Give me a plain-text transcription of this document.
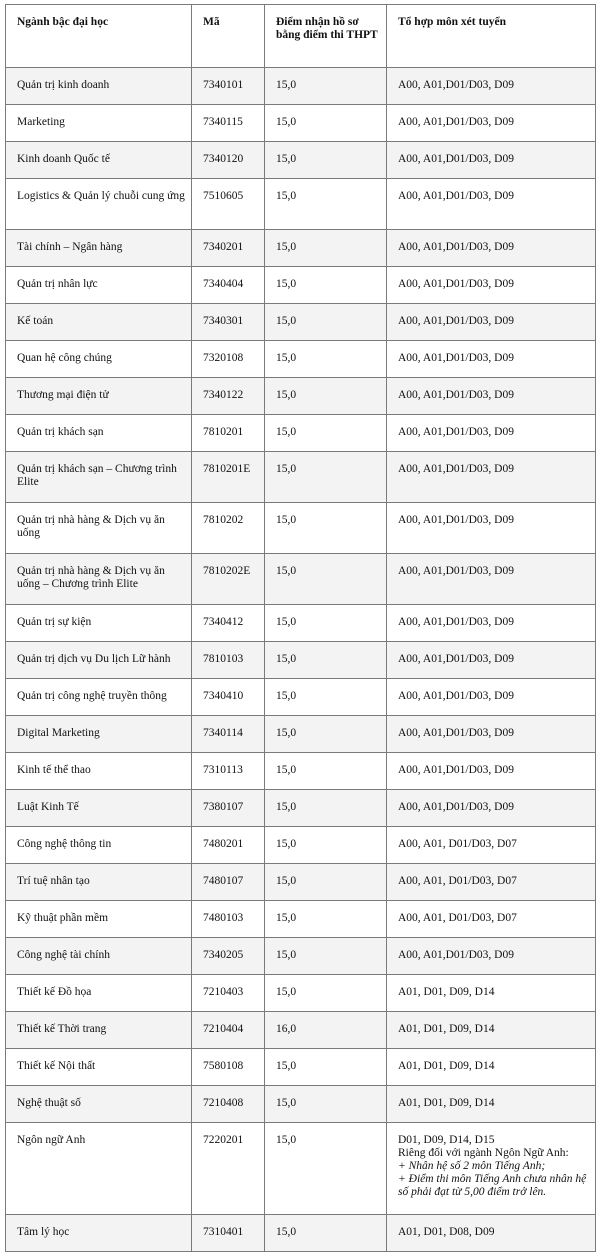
Ngành bậc đại học	Mã	Điểm nhận hồ sơ bằng điểm thi THPT	Tổ hợp môn xét tuyển
Quản trị kinh doanh	7340101	15,0	A00, A01,D01/D03, D09
Marketing	7340115	15,0	A00, A01,D01/D03, D09
Kinh doanh Quốc tế	7340120	15,0	A00, A01,D01/D03, D09
Logistics & Quản lý chuỗi cung ứng	7510605	15,0	A00, A01,D01/D03, D09
Tài chính – Ngân hàng	7340201	15,0	A00, A01,D01/D03, D09
Quản trị nhân lực	7340404	15,0	A00, A01,D01/D03, D09
Kế toán	7340301	15,0	A00, A01,D01/D03, D09
Quan hệ công chúng	7320108	15,0	A00, A01,D01/D03, D09
Thương mại điện tử	7340122	15,0	A00, A01,D01/D03, D09
Quản trị khách sạn	7810201	15,0	A00, A01,D01/D03, D09
Quản trị khách sạn – Chương trình Elite	7810201E	15,0	A00, A01,D01/D03, D09
Quản trị nhà hàng & Dịch vụ ăn uống	7810202	15,0	A00, A01,D01/D03, D09
Quản trị nhà hàng & Dịch vụ ăn uống – Chương trình Elite	7810202E	15,0	A00, A01,D01/D03, D09
Quản trị sự kiện	7340412	15,0	A00, A01,D01/D03, D09
Quản trị dịch vụ Du lịch Lữ hành	7810103	15,0	A00, A01,D01/D03, D09
Quản trị công nghệ truyền thông	7340410	15,0	A00, A01,D01/D03, D09
Digital Marketing	7340114	15,0	A00, A01,D01/D03, D09
Kinh tế thể thao	7310113	15,0	A00, A01,D01/D03, D09
Luật Kinh Tế	7380107	15,0	A00, A01,D01/D03, D09
Công nghệ thông tin	7480201	15,0	A00, A01, D01/D03, D07
Trí tuệ nhân tạo	7480107	15,0	A00, A01, D01/D03, D07
Kỹ thuật phần mềm	7480103	15,0	A00, A01, D01/D03, D07
Công nghệ tài chính	7340205	15,0	A00, A01,D01/D03, D09
Thiết kế Đồ họa	7210403	15,0	A01, D01, D09, D14
Thiết kế Thời trang	7210404	16,0	A01, D01, D09, D14
Thiết kế Nội thất	7580108	15,0	A01, D01, D09, D14
Nghệ thuật số	7210408	15,0	A01, D01, D09, D14
Ngôn ngữ Anh	7220201	15,0	D01, D09, D14, D15
Riêng đối với ngành Ngôn Ngữ Anh:
+ Nhân hệ số 2 môn Tiếng Anh;
+ Điểm thi môn Tiếng Anh chưa nhân hệ số phải đạt từ 5,00 điểm trở lên.

Tâm lý học	7310401	15,0	A01, D01, D08, D09
